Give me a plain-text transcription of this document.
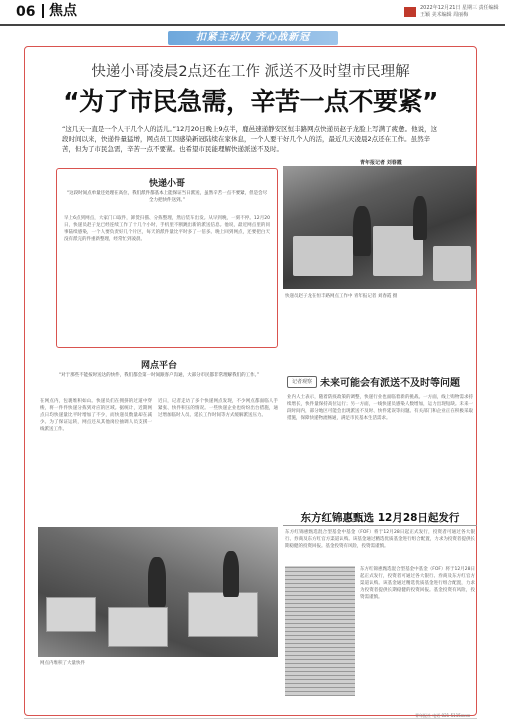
06 焦点	2022年12月21日 星期三 责任编辑 王颖 美术编辑 周丽梅
扣紧主动权 齐心战新冠
快递小哥凌晨2点还在工作 派送不及时望市民理解
“为了市民急需，辛苦一点不要紧”
“这几天一直是一个人干几个人的活儿。”12月20日晚上9点半，鹿邑速递静安区恒丰路网点快递员赵子龙脸上写满了疲惫。他说，这段时间以来，快递件量猛增，网点员工因感染新冠陆续在家休息，一个人要干好几个人的活，最近几天凌晨2点还在工作。虽然辛苦，但为了市民急需，辛苦一点不要紧。也希望市民能理解快递派送不及时。
青年报记者 刘春霞
快递小哥
“这段时间点单量还处理在高位，我们派件都基本上能保证当日派送，虽然辛苦一点不要紧，但是会尽全力把快件送到。”
早上6点到网点，大家门口取件，卸货扫描、分拣整理，然后装车出发。从早到晚，一刻不停。12月20日，快递员赵子龙已经连续工作了十几个小时，手机里不断跳出新的派送信息。他说，最近网点里的同事陆续感染，一个人要负责好几个片区，每天的派件量比平时多了一倍多。晚上回到网点，还要把白天没有派完的件重新整理，经常忙到凌晨。
网点平台
“对于那些不能按时送达的快件，我们都会第一时间跟客户沟通，大部分市民都非常理解我们的工作。”
在网点内，包裹堆积如山。快递员们在拥挤的过道中穿梭，将一件件快递分拣到对应的区域。据统计，近期网点日均快递量比平时增加了不少，而快递员数量却在减少。为了保证运转，网点还从其他岗位抽调人员支援一线派送工作。
近日，记者走访了多个快递网点发现，不少网点都面临人手紧张、快件积压的情况。一些快递企业也纷纷出台措施，通过增加临时人员、延长工作时间等方式缓解派送压力。
快递员赵子龙在恒丰路网点工作中 青年报记者 刘春霞 摄
记者观察 未来可能会有派送不及时等问题
业内人士表示，随着防疫政策的调整，快递行业也面临着新的挑战。一方面，线上购物需求持续增长，快件量保持高位运行；另一方面，一线快递员感染人数增加，运力出现短缺。未来一段时间内，部分地区可能会出现派送不及时、快件延误等问题。有关部门和企业正在积极采取措施，保障快递物流畅通，满足市民基本生活需求。
网点内堆积了大量快件
东方红锦惠甄选 12月28日起发行
东方红锦惠甄选混合型基金中基金（FOF）将于12月28日起正式发行，投资者可通过各大银行、券商及东方红官方渠道认购。该基金通过精选优质基金进行组合配置，力求为投资者提供长期稳健的投资回报。基金投资有风险，投资需谨慎。
东方红锦惠甄选混合型基金中基金（FOF）将于12月28日起正式发行，投资者可通过各大银行、券商及东方红官方渠道认购。该基金通过精选优质基金进行组合配置，力求为投资者提供长期稳健的投资回报。基金投资有风险，投资需谨慎。
青年报社 电话 021-5115xxxx
